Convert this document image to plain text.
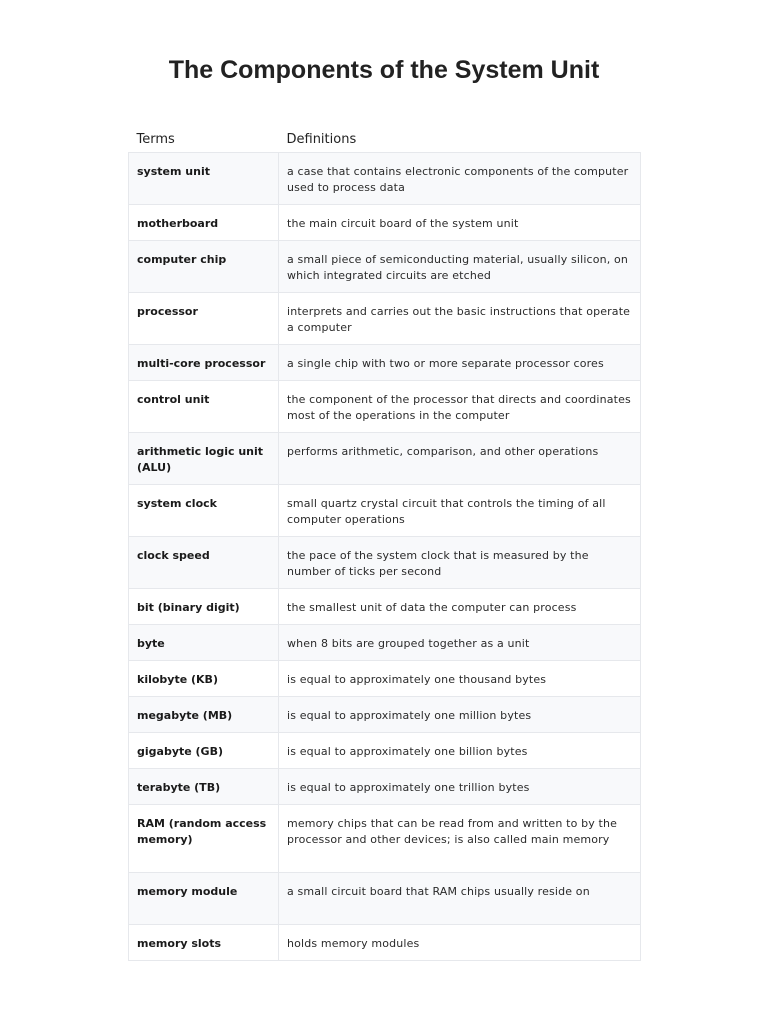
The Components of the System Unit
Terms	Definitions
system unit	a case that contains electronic components of the computer used to process data
motherboard	the main circuit board of the system unit
computer chip	a small piece of semiconducting material, usually silicon, on which integrated circuits are etched
processor	interprets and carries out the basic instructions that operate a computer
multi-core processor	a single chip with two or more separate processor cores
control unit	the component of the processor that directs and coordinates most of the operations in the computer
arithmetic logic unit (ALU)	performs arithmetic, comparison, and other operations
system clock	small quartz crystal circuit that controls the timing of all computer operations
clock speed	the pace of the system clock that is measured by the number of ticks per second
bit (binary digit)	the smallest unit of data the computer can process
byte	when 8 bits are grouped together as a unit
kilobyte (KB)	is equal to approximately one thousand bytes
megabyte (MB)	is equal to approximately one million bytes
gigabyte (GB)	is equal to approximately one billion bytes
terabyte (TB)	is equal to approximately one trillion bytes
RAM (random access memory)	memory chips that can be read from and written to by the processor and other devices; is also called main memory
memory module	a small circuit board that RAM chips usually reside on
memory slots	holds memory modules
